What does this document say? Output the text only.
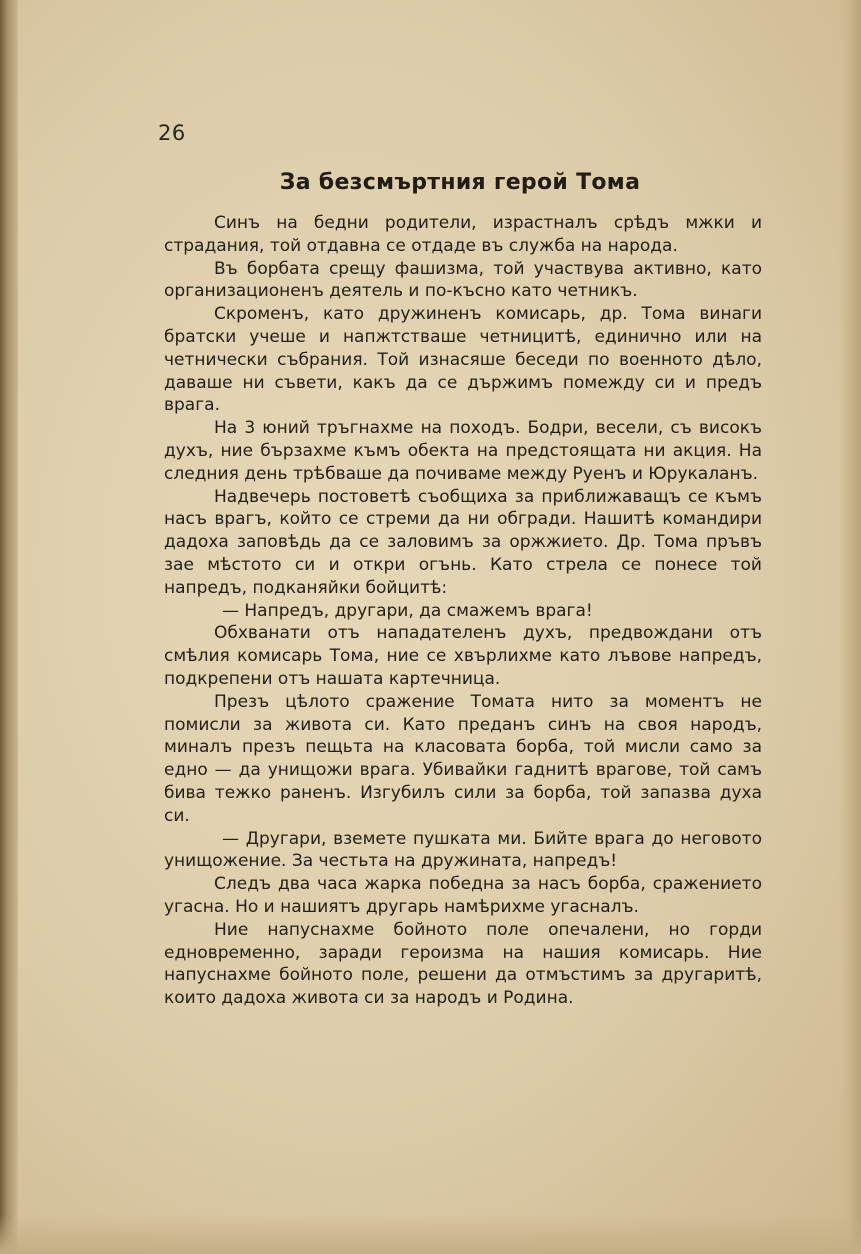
26
За безсмъртния герой Тома

Синъ на бедни родители, израстналъ срѣдъ мжки и страдания, той отдавна се отдаде въ служба на народа.

Въ борбата срещу фашизма, той участвува активно, като организационенъ деятель и по-късно като четникъ.

Скроменъ, като дружиненъ комисарь, др. Тома винаги братски учеше и напжтстваше четницитѣ, единично или на четнически събрания. Той изнасяше беседи по военното дѣло, даваше ни съвети, какъ да се държимъ помежду си и предъ врага.

На 3 юний тръгнахме на походъ. Бодри, весели, съ високъ духъ, ние бързахме къмъ обекта на предстоящата ни акция. На следния день трѣбваше да почиваме между Руенъ и Юрукаланъ.

Надвечерь постоветѣ съобщиха за приближаващъ се къмъ насъ врагъ, който се стреми да ни обгради. Нашитѣ командири дадоха заповѣдь да се заловимъ за оржжието. Др. Тома пръвъ зае мѣстото си и откри огънь. Като стрела се понесе той напредъ, подканяйки бойцитѣ:

— Напредъ, другари, да смажемъ врага!

Обхванати отъ нападателенъ духъ, предвождани отъ смѣлия комисарь Тома, ние се хвърлихме като лъвове напредъ, подкрепени отъ нашата картечница.

Презъ цѣлото сражение Томата нито за моментъ не помисли за живота си. Като преданъ синъ на своя народъ, миналъ презъ пещьта на класовата борба, той мисли само за едно — да унищожи врага. Убивайки гаднитѣ врагове, той самъ бива тежко раненъ. Изгубилъ сили за борба, той запазва духа си.

— Другари, вземете пушката ми. Бийте врага до неговото унищожение. За честьта на дружината, напредъ!

Следъ два часа жарка победна за насъ борба, сражението угасна. Но и нашиятъ другарь намѣрихме угасналъ.

Ние напуснахме бойното поле опечалени, но горди едновременно, заради героизма на нашия комисарь. Ние напуснахме бойното поле, решени да отмъстимъ за другаритѣ, които дадоха живота си за народъ и Родина.
